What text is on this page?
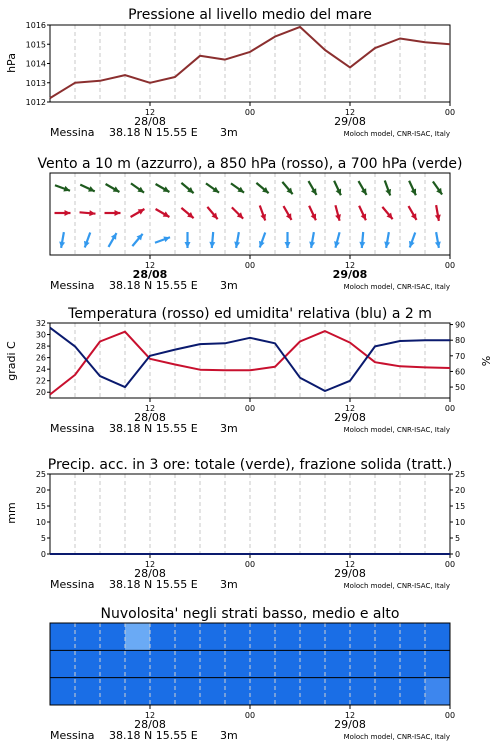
Pressione al livello medio del mare
Vento a 10 m (azzurro), a 850 hPa (rosso), a 700 hPa (verde)
Temperatura (rosso) ed umidita' relativa (blu) a 2 m
Precip. acc. in 3 ore: totale (verde), frazione solida (tratt.)
Nuvolosita' negli strati basso, medio e alto
hPa
gradi C	%
mm
12	00	12	00
28/08	29/08
Messina 38.18 N 15.55 E 3m	Moloch model, CNR-ISAC, Italy
1012
1013
1014
1015
1016
12	00	12	00
28/08	29/08
Messina 38.18 N 15.55 E 3m	Moloch model, CNR-ISAC, Italy
12	00	12	00
28/08	29/08
Messina 38.18 N 15.55 E 3m	Moloch model, CNR-ISAC, Italy
20
22
24
26
28
30
32
50
60
70
80
90
12	00	12	00
28/08	29/08
Messina 38.18 N 15.55 E 3m	Moloch model, CNR-ISAC, Italy
0
5
10
15
20
25
0
5
10
15
20
25
12	00	12	00
28/08	29/08
Messina 38.18 N 15.55 E 3m	Moloch model, CNR-ISAC, Italy
